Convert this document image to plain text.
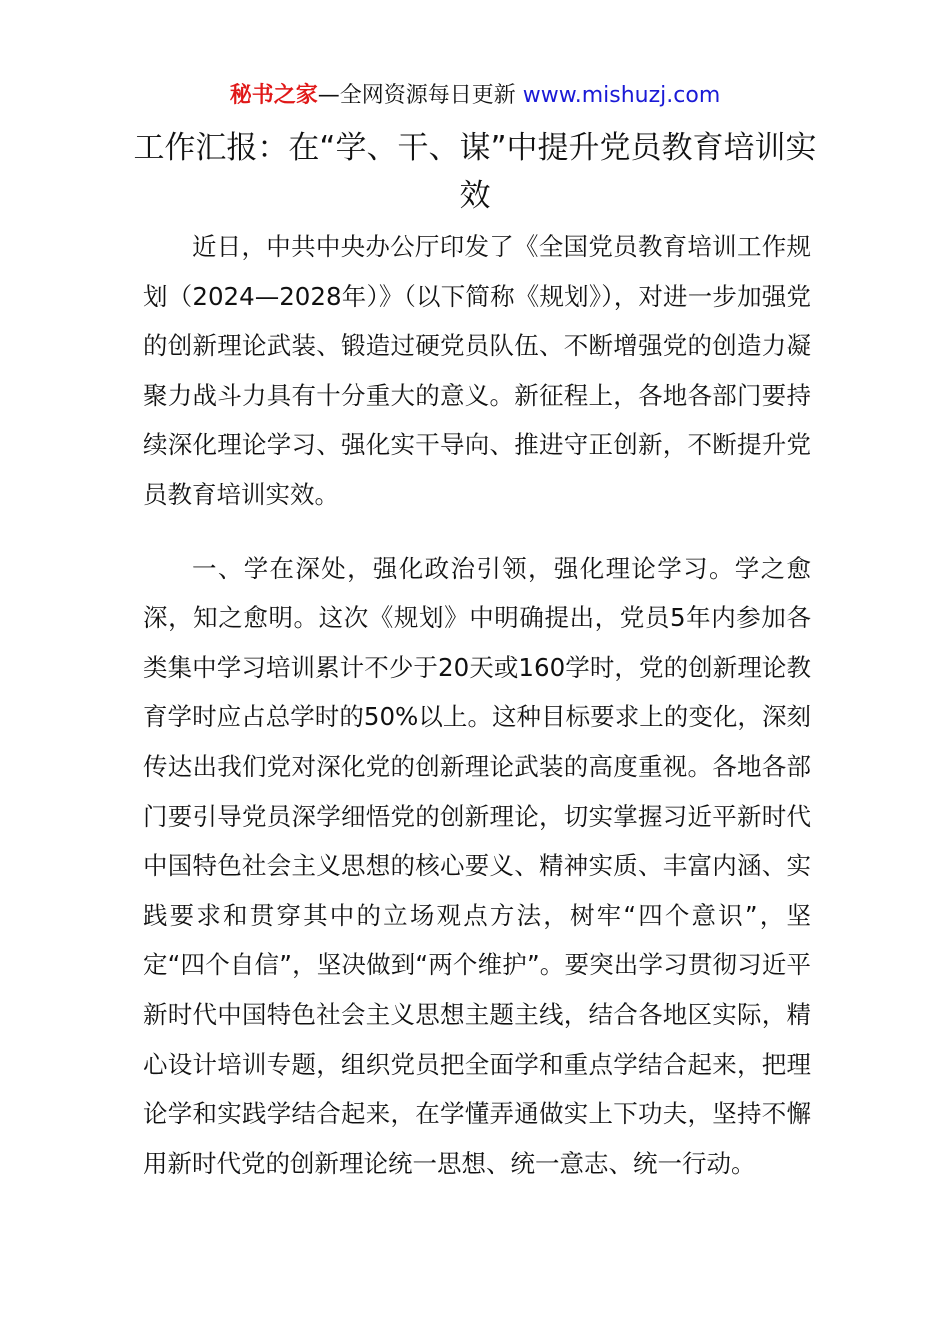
秘书之家—全网资源每日更新 www.mishuzj.com
工作汇报：在“学、干、谋”中提升党员教育培训实效

近日，中共中央办公厅印发了《全国党员教育培训工作规划（2024—2028年）》（以下简称《规划》），对进一步加强党的创新理论武装、锻造过硬党员队伍、不断增强党的创造力凝聚力战斗力具有十分重大的意义。新征程上，各地各部门要持续深化理论学习、强化实干导向、推进守正创新，不断提升党员教育培训实效。

一、学在深处，强化政治引领，强化理论学习。学之愈深，知之愈明。这次《规划》中明确提出，党员5年内参加各类集中学习培训累计不少于20天或160学时，党的创新理论教育学时应占总学时的50%以上。这种目标要求上的变化，深刻传达出我们党对深化党的创新理论武装的高度重视。各地各部门要引导党员深学细悟党的创新理论，切实掌握习近平新时代中国特色社会主义思想的核心要义、精神实质、丰富内涵、实践要求和贯穿其中的立场观点方法，树牢“四个意识”，坚定“四个自信”，坚决做到“两个维护”。要突出学习贯彻习近平新时代中国特色社会主义思想主题主线，结合各地区实际，精心设计培训专题，组织党员把全面学和重点学结合起来，把理论学和实践学结合起来，在学懂弄通做实上下功夫，坚持不懈用新时代党的创新理论统一思想、统一意志、统一行动。
